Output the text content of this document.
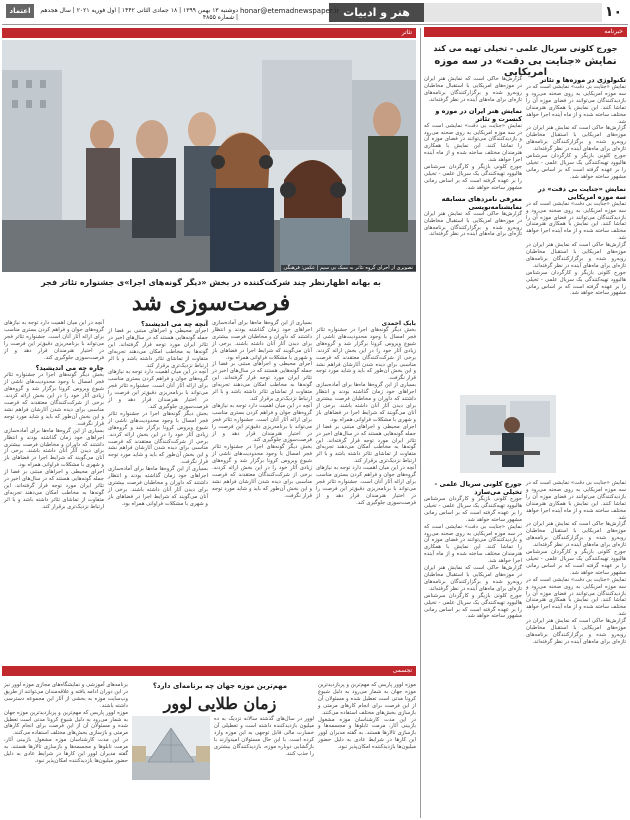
۱۰
هنر و ادبیات
honar@etemadnewspaper.ir
دوشنبه ۱۳ بهمن ۱۳۹۹ | ۱۸ جمادی الثانی ۱۴۴۲ | اول فوریه ۲۰۲۱ | سال هجدهم | شماره ۴۸۵۵
اعتماد
خبرنامه
تئاتر
تجسمی
جورج کلونی سریال علمی - تخیلی تهیه می کند
نمایش «جنایت بی دقت» در سه موزه امریکایی
تکنولوژی در موزه‌ها و تئاتر
نمایش «جنایت بی دقت» نمایشی است که در سه موزه امریکایی به روی صحنه می‌رود و بازدیدکنندگان می‌توانند در فضای موزه آن را تماشا کنند. این نمایش با همکاری هنرمندان مختلف ساخته شده و از ماه آینده اجرا خواهد شد.
گزارش‌ها حاکی است که نمایش هنر ایران در موزه‌های امریکایی با استقبال مخاطبان روبه‌رو شده و برگزارکنندگان برنامه‌های تازه‌ای برای ماه‌های آینده در نظر گرفته‌اند.
جورج کلونی بازیگر و کارگردان سرشناس هالیوود تهیه‌کنندگی یک سریال علمی - تخیلی را بر عهده گرفته است که بر اساس رمانی مشهور ساخته خواهد شد.
نمایش «جنایت بی دقت» در سه موزه امریکایی
نمایش «جنایت بی دقت» نمایشی است که در سه موزه امریکایی به روی صحنه می‌رود و بازدیدکنندگان می‌توانند در فضای موزه آن را تماشا کنند. این نمایش با همکاری هنرمندان مختلف ساخته شده و از ماه آینده اجرا خواهد شد.
گزارش‌ها حاکی است که نمایش هنر ایران در موزه‌های امریکایی با استقبال مخاطبان روبه‌رو شده و برگزارکنندگان برنامه‌های تازه‌ای برای ماه‌های آینده در نظر گرفته‌اند.
جورج کلونی بازیگر و کارگردان سرشناس هالیوود تهیه‌کنندگی یک سریال علمی - تخیلی را بر عهده گرفته است که بر اساس رمانی مشهور ساخته خواهد شد.
گزارش‌ها حاکی است که نمایش هنر ایران در موزه‌های امریکایی با استقبال مخاطبان روبه‌رو شده و برگزارکنندگان برنامه‌های تازه‌ای برای ماه‌های آینده در نظر گرفته‌اند.
نمایش هنر ایران در موزه و کنسرت و تئاتر
نمایش «جنایت بی دقت» نمایشی است که در سه موزه امریکایی به روی صحنه می‌رود و بازدیدکنندگان می‌توانند در فضای موزه آن را تماشا کنند. این نمایش با همکاری هنرمندان مختلف ساخته شده و از ماه آینده اجرا خواهد شد.
جورج کلونی بازیگر و کارگردان سرشناس هالیوود تهیه‌کنندگی یک سریال علمی - تخیلی را بر عهده گرفته است که بر اساس رمانی مشهور ساخته خواهد شد.
معرفی نامزدهای مسابقه نمایشنامه‌نویسی
گزارش‌ها حاکی است که نمایش هنر ایران در موزه‌های امریکایی با استقبال مخاطبان روبه‌رو شده و برگزارکنندگان برنامه‌های تازه‌ای برای ماه‌های آینده در نظر گرفته‌اند.
جورج کلونی سریال علمی - تخیلی می‌سازد
جورج کلونی بازیگر و کارگردان سرشناس هالیوود تهیه‌کنندگی یک سریال علمی - تخیلی را بر عهده گرفته است که بر اساس رمانی مشهور ساخته خواهد شد.
نمایش «جنایت بی دقت» نمایشی است که در سه موزه امریکایی به روی صحنه می‌رود و بازدیدکنندگان می‌توانند در فضای موزه آن را تماشا کنند. این نمایش با همکاری هنرمندان مختلف ساخته شده و از ماه آینده اجرا خواهد شد.
گزارش‌ها حاکی است که نمایش هنر ایران در موزه‌های امریکایی با استقبال مخاطبان روبه‌رو شده و برگزارکنندگان برنامه‌های تازه‌ای برای ماه‌های آینده در نظر گرفته‌اند.
جورج کلونی بازیگر و کارگردان سرشناس هالیوود تهیه‌کنندگی یک سریال علمی - تخیلی را بر عهده گرفته است که بر اساس رمانی مشهور ساخته خواهد شد.
نمایش «جنایت بی دقت» نمایشی است که در سه موزه امریکایی به روی صحنه می‌رود و بازدیدکنندگان می‌توانند در فضای موزه آن را تماشا کنند. این نمایش با همکاری هنرمندان مختلف ساخته شده و از ماه آینده اجرا خواهد شد.
گزارش‌ها حاکی است که نمایش هنر ایران در موزه‌های امریکایی با استقبال مخاطبان روبه‌رو شده و برگزارکنندگان برنامه‌های تازه‌ای برای ماه‌های آینده در نظر گرفته‌اند.
جورج کلونی بازیگر و کارگردان سرشناس هالیوود تهیه‌کنندگی یک سریال علمی - تخیلی را بر عهده گرفته است که بر اساس رمانی مشهور ساخته خواهد شد.
نمایش «جنایت بی دقت» نمایشی است که در سه موزه امریکایی به روی صحنه می‌رود و بازدیدکنندگان می‌توانند در فضای موزه آن را تماشا کنند. این نمایش با همکاری هنرمندان مختلف ساخته شده و از ماه آینده اجرا خواهد شد.
گزارش‌ها حاکی است که نمایش هنر ایران در موزه‌های امریکایی با استقبال مخاطبان روبه‌رو شده و برگزارکنندگان برنامه‌های تازه‌ای برای ماه‌های آینده در نظر گرفته‌اند.
تصویری از اجرای گروه تئاتر به سبک بی سیم | عکس: فرهنگی
به بهانه اظهارنظر چند شرکت‌کننده در بخش «دیگر گونه‌های اجرا»ی جشنواره تئاتر فجر
فرصت‌سوزی شد
بابک احمدی
بخش دیگر گونه‌های اجرا در جشنواره تئاتر فجر امسال با وجود محدودیت‌های ناشی از شیوع ویروس کرونا برگزار شد و گروه‌های زیادی آثار خود را در این بخش ارائه کردند. برخی از شرکت‌کنندگان معتقدند که فرصت مناسبی برای دیده شدن آثارشان فراهم نشد و این بخش آن‌طور که باید و شاید مورد توجه قرار نگرفت.
بسیاری از این گروه‌ها ماه‌ها برای آماده‌سازی اجراهای خود زمان گذاشته بودند و انتظار داشتند که داوران و مخاطبان فرصت بیشتری برای دیدن آثار آنان داشته باشند. برخی از آنان می‌گویند که شرایط اجرا در فضاهای باز و شهری با مشکلات فراوانی همراه بود.
اجرای محیطی و اجراهای مبتنی بر فضا از جمله گونه‌هایی هستند که در سال‌های اخیر در تئاتر ایران مورد توجه قرار گرفته‌اند. این گونه‌ها به مخاطب امکان می‌دهند تجربه‌ای متفاوت از تماشای تئاتر داشته باشد و با اثر ارتباط نزدیک‌تری برقرار کند.
آنچه در این میان اهمیت دارد توجه به نیازهای گروه‌های جوان و فراهم کردن بستری مناسب برای ارائه آثار آنان است. جشنواره تئاتر فجر می‌تواند با برنامه‌ریزی دقیق‌تر این فرصت را در اختیار هنرمندان قرار دهد و از فرصت‌سوزی جلوگیری کند.
بسیاری از این گروه‌ها ماه‌ها برای آماده‌سازی اجراهای خود زمان گذاشته بودند و انتظار داشتند که داوران و مخاطبان فرصت بیشتری برای دیدن آثار آنان داشته باشند. برخی از آنان می‌گویند که شرایط اجرا در فضاهای باز و شهری با مشکلات فراوانی همراه بود.
اجرای محیطی و اجراهای مبتنی بر فضا از جمله گونه‌هایی هستند که در سال‌های اخیر در تئاتر ایران مورد توجه قرار گرفته‌اند. این گونه‌ها به مخاطب امکان می‌دهند تجربه‌ای متفاوت از تماشای تئاتر داشته باشد و با اثر ارتباط نزدیک‌تری برقرار کند.
آنچه در این میان اهمیت دارد توجه به نیازهای گروه‌های جوان و فراهم کردن بستری مناسب برای ارائه آثار آنان است. جشنواره تئاتر فجر می‌تواند با برنامه‌ریزی دقیق‌تر این فرصت را در اختیار هنرمندان قرار دهد و از فرصت‌سوزی جلوگیری کند.
بخش دیگر گونه‌های اجرا در جشنواره تئاتر فجر امسال با وجود محدودیت‌های ناشی از شیوع ویروس کرونا برگزار شد و گروه‌های زیادی آثار خود را در این بخش ارائه کردند. برخی از شرکت‌کنندگان معتقدند که فرصت مناسبی برای دیده شدن آثارشان فراهم نشد و این بخش آن‌طور که باید و شاید مورد توجه قرار نگرفت.
آنچه چه می اندیشند؟
اجرای محیطی و اجراهای مبتنی بر فضا از جمله گونه‌هایی هستند که در سال‌های اخیر در تئاتر ایران مورد توجه قرار گرفته‌اند. این گونه‌ها به مخاطب امکان می‌دهند تجربه‌ای متفاوت از تماشای تئاتر داشته باشد و با اثر ارتباط نزدیک‌تری برقرار کند.
آنچه در این میان اهمیت دارد توجه به نیازهای گروه‌های جوان و فراهم کردن بستری مناسب برای ارائه آثار آنان است. جشنواره تئاتر فجر می‌تواند با برنامه‌ریزی دقیق‌تر این فرصت را در اختیار هنرمندان قرار دهد و از فرصت‌سوزی جلوگیری کند.
بخش دیگر گونه‌های اجرا در جشنواره تئاتر فجر امسال با وجود محدودیت‌های ناشی از شیوع ویروس کرونا برگزار شد و گروه‌های زیادی آثار خود را در این بخش ارائه کردند. برخی از شرکت‌کنندگان معتقدند که فرصت مناسبی برای دیده شدن آثارشان فراهم نشد و این بخش آن‌طور که باید و شاید مورد توجه قرار نگرفت.
بسیاری از این گروه‌ها ماه‌ها برای آماده‌سازی اجراهای خود زمان گذاشته بودند و انتظار داشتند که داوران و مخاطبان فرصت بیشتری برای دیدن آثار آنان داشته باشند. برخی از آنان می‌گویند که شرایط اجرا در فضاهای باز و شهری با مشکلات فراوانی همراه بود.
آنچه در این میان اهمیت دارد توجه به نیازهای گروه‌های جوان و فراهم کردن بستری مناسب برای ارائه آثار آنان است. جشنواره تئاتر فجر می‌تواند با برنامه‌ریزی دقیق‌تر این فرصت را در اختیار هنرمندان قرار دهد و از فرصت‌سوزی جلوگیری کند.
چاره چه می اندیشید؟
بخش دیگر گونه‌های اجرا در جشنواره تئاتر فجر امسال با وجود محدودیت‌های ناشی از شیوع ویروس کرونا برگزار شد و گروه‌های زیادی آثار خود را در این بخش ارائه کردند. برخی از شرکت‌کنندگان معتقدند که فرصت مناسبی برای دیده شدن آثارشان فراهم نشد و این بخش آن‌طور که باید و شاید مورد توجه قرار نگرفت.
بسیاری از این گروه‌ها ماه‌ها برای آماده‌سازی اجراهای خود زمان گذاشته بودند و انتظار داشتند که داوران و مخاطبان فرصت بیشتری برای دیدن آثار آنان داشته باشند. برخی از آنان می‌گویند که شرایط اجرا در فضاهای باز و شهری با مشکلات فراوانی همراه بود.
اجرای محیطی و اجراهای مبتنی بر فضا از جمله گونه‌هایی هستند که در سال‌های اخیر در تئاتر ایران مورد توجه قرار گرفته‌اند. این گونه‌ها به مخاطب امکان می‌دهند تجربه‌ای متفاوت از تماشای تئاتر داشته باشد و با اثر ارتباط نزدیک‌تری برقرار کند.
مهم‌ترین موزه جهان چه برنامه‌ای دارد؟
زمان طلایی لوور
موزه لوور پاریس که مهم‌ترین و پربازدیدترین موزه جهان به شمار می‌رود به دلیل شیوع کرونا مدتی است تعطیل شده و مسئولان آن از این فرصت برای انجام کارهای مرمتی و بازسازی بخش‌های مختلف استفاده می‌کنند.
در این مدت کارشناسان موزه مشغول بازبینی آثار، مرمت تابلوها و مجسمه‌ها و بازسازی تالارها هستند. به گفته مدیران لوور این کارها در شرایط عادی به دلیل حضور میلیون‌ها بازدیدکننده امکان‌پذیر نبود.
لوور در سال‌های گذشته سالانه نزدیک به ده میلیون بازدیدکننده داشته است و تعطیلی آن خسارت مالی قابل توجهی به این موزه وارد کرده است. با این حال مسئولان امیدوارند با بازگشایی دوباره موزه، بازدیدکنندگان بیشتری را جذب کنند.
برنامه‌های آموزشی و نمایشگاه‌های مجازی موزه لوور نیز در این دوران ادامه یافته و علاقه‌مندان می‌توانند از طریق وب‌سایت موزه به بخشی از آثار این مجموعه دسترسی داشته باشند.
موزه لوور پاریس که مهم‌ترین و پربازدیدترین موزه جهان به شمار می‌رود به دلیل شیوع کرونا مدتی است تعطیل شده و مسئولان آن از این فرصت برای انجام کارهای مرمتی و بازسازی بخش‌های مختلف استفاده می‌کنند.
در این مدت کارشناسان موزه مشغول بازبینی آثار، مرمت تابلوها و مجسمه‌ها و بازسازی تالارها هستند. به گفته مدیران لوور این کارها در شرایط عادی به دلیل حضور میلیون‌ها بازدیدکننده امکان‌پذیر نبود.
